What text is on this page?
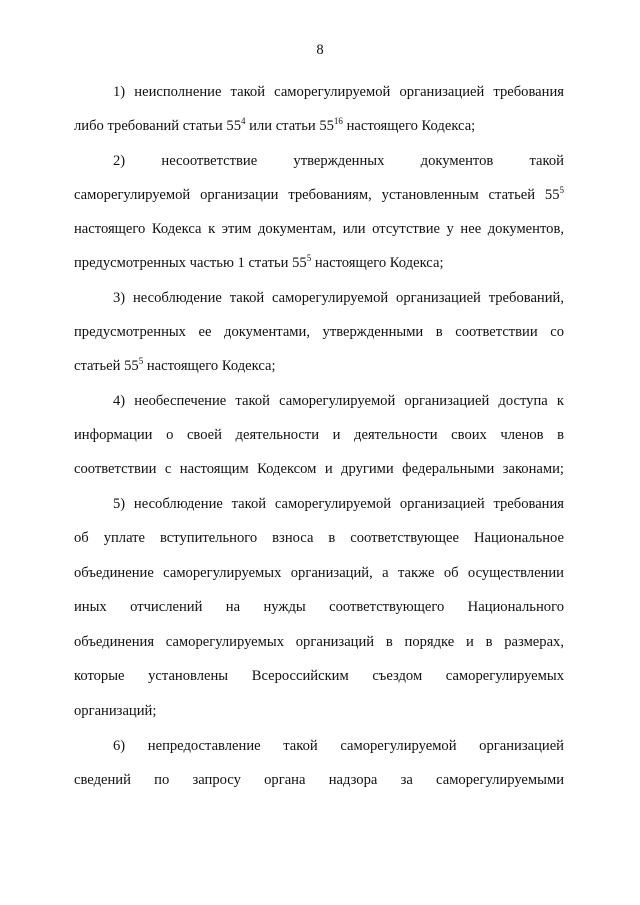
8
1) неисполнение такой саморегулируемой организацией требования
либо требований статьи $55^4$ или статьи $55^{16}$ настоящего Кодекса;
2) несоответствие утвержденных документов такой
саморегулируемой организации требованиям, установленным статьей $55^5$
настоящего Кодекса к этим документам, или отсутствие у нее документов,
предусмотренных частью 1 статьи $55^5$ настоящего Кодекса;
3) несоблюдение такой саморегулируемой организацией требований,
предусмотренных ее документами, утвержденными в соответствии со
статьей $55^5$ настоящего Кодекса;
4) необеспечение такой саморегулируемой организацией доступа к
информации о своей деятельности и деятельности своих членов в
соответствии с настоящим Кодексом и другими федеральными законами;
5) несоблюдение такой саморегулируемой организацией требования
об уплате вступительного взноса в соответствующее Национальное
объединение саморегулируемых организаций, а также об осуществлении
иных отчислений на нужды соответствующего Национального
объединения саморегулируемых организаций в порядке и в размерах,
которые установлены Всероссийским съездом саморегулируемых
организаций;
6) непредоставление такой саморегулируемой организацией
сведений по запросу органа надзора за саморегулируемыми
